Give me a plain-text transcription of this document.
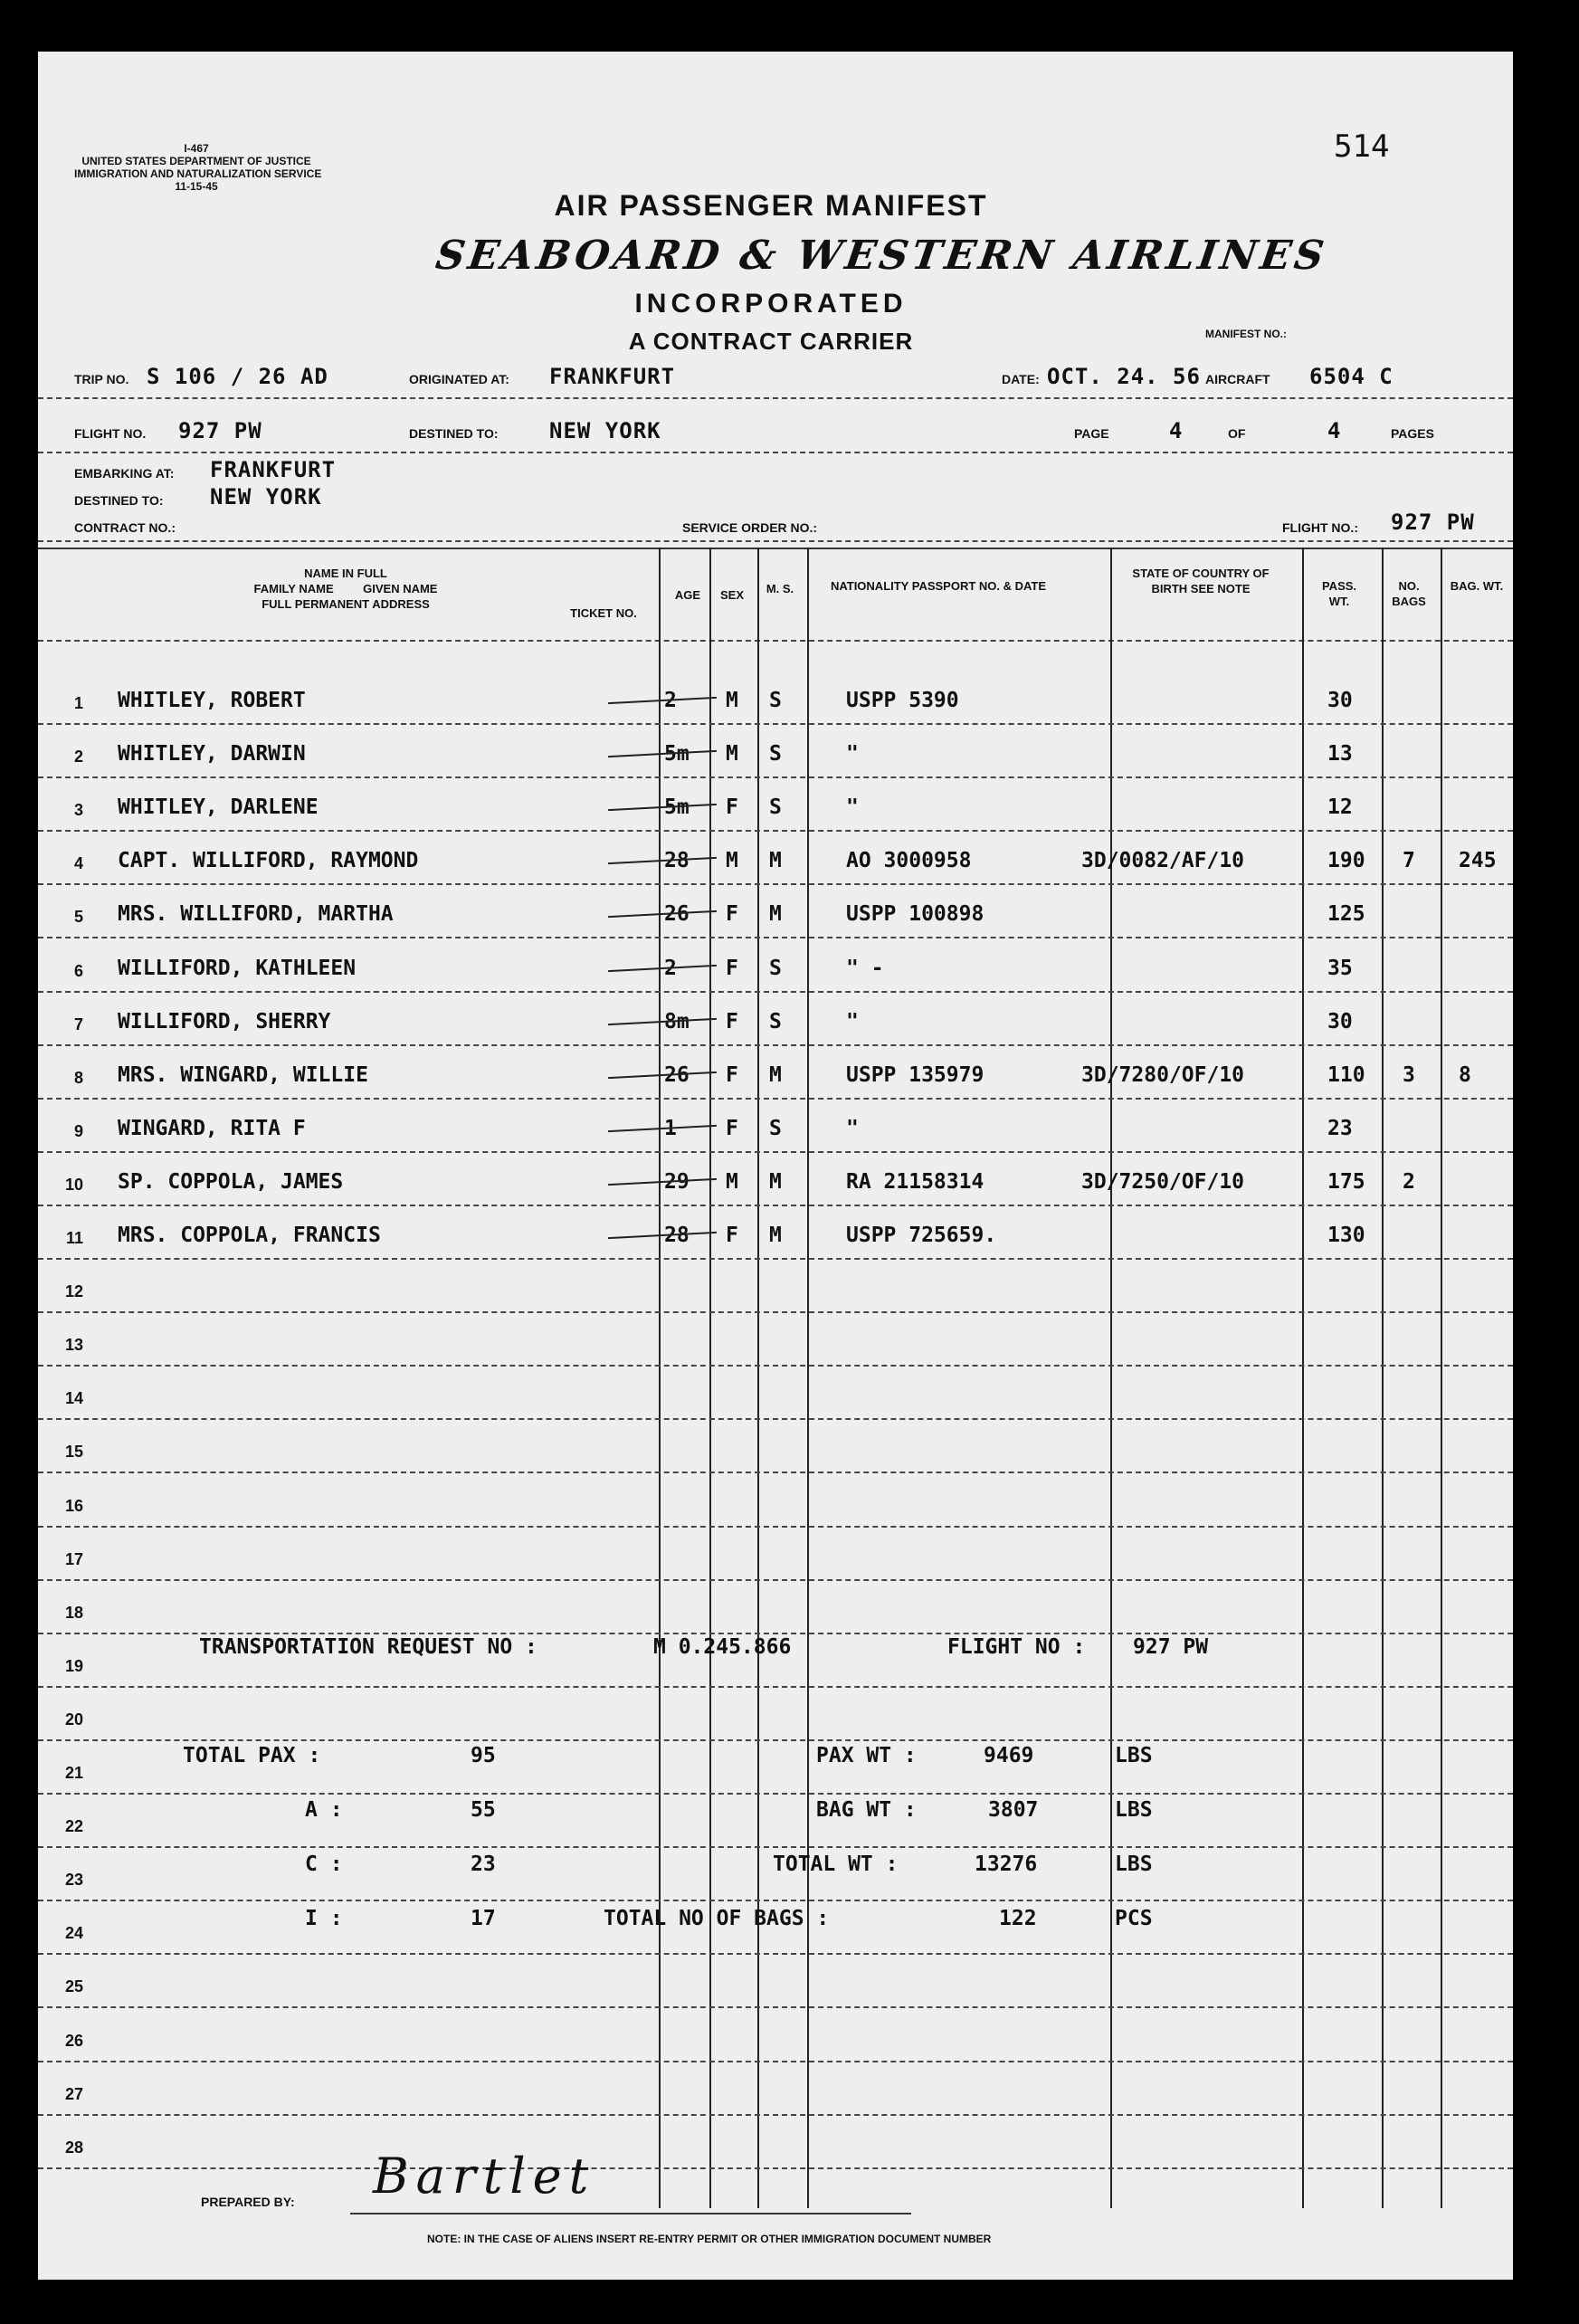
514
I-467
UNITED STATES DEPARTMENT OF JUSTICE
IMMIGRATION AND NATURALIZATION SERVICE
11-15-45
AIR PASSENGER MANIFEST
SEABOARD & WESTERN AIRLINES
INCORPORATED
A CONTRACT CARRIER	MANIFEST NO.:
TRIP NO. S 106 / 26 AD	ORIGINATED AT: FRANKFURT	DATE: OCT. 24. 56 AIRCRAFT 6504 C
FLIGHT NO. 927 PW	DESTINED TO: NEW YORK	PAGE	4	OF	4	PAGES
EMBARKING AT: FRANKFURT
DESTINED TO: NEW YORK
CONTRACT NO.:	SERVICE ORDER NO.:	FLIGHT NO.: 927 PW
NAME IN FULL
FAMILY NAME	GIVEN NAME
FULL PERMANENT ADDRESS
TICKET NO.
AGE	SEX	M. S.	NATIONALITY PASSPORT NO. & DATE
STATE OF COUNTRY OF BIRTH SEE NOTE	PASS. WT.
NO. BAGS
BAG. WT.
1 WHITLEY, ROBERT	2 M S	USPP 5390	30
2 WHITLEY, DARWIN	5m M S	"	13
3 WHITLEY, DARLENE	5m F S	"	12
4 CAPT. WILLIFORD, RAYMOND	28 M M	AO 3000958	3D/0082/AF/10	190 7 245
5 MRS. WILLIFORD, MARTHA	26 F M	USPP 100898	125
6 WILLIFORD, KATHLEEN	2 F S	" -	35
7 WILLIFORD, SHERRY	8m F S	"	30
8 MRS. WINGARD, WILLIE	26 F M	USPP 135979	3D/7280/OF/10	110 3 8
9 WINGARD, RITA F	1 F S	"	23
10 SP. COPPOLA, JAMES	29 M M	RA 21158314	3D/7250/OF/10	175 2
11 MRS. COPPOLA, FRANCIS	28 F M	USPP 725659.	130
12
13
14
15
16
17
18
19
20
21
22
23
24
25
26
27
28
TRANSPORTATION REQUEST NO :	M 0.245.866	FLIGHT NO : 927 PW
TOTAL PAX :	95
A :	55
C :	23
I :	17
PAX WT :	9469	LBS
BAG WT :	3807	LBS
TOTAL WT :	13276	LBS
TOTAL NO OF BAGS :	122	PCS
PREPARED BY: Bartlet
NOTE: IN THE CASE OF ALIENS INSERT RE-ENTRY PERMIT OR OTHER IMMIGRATION DOCUMENT NUMBER
